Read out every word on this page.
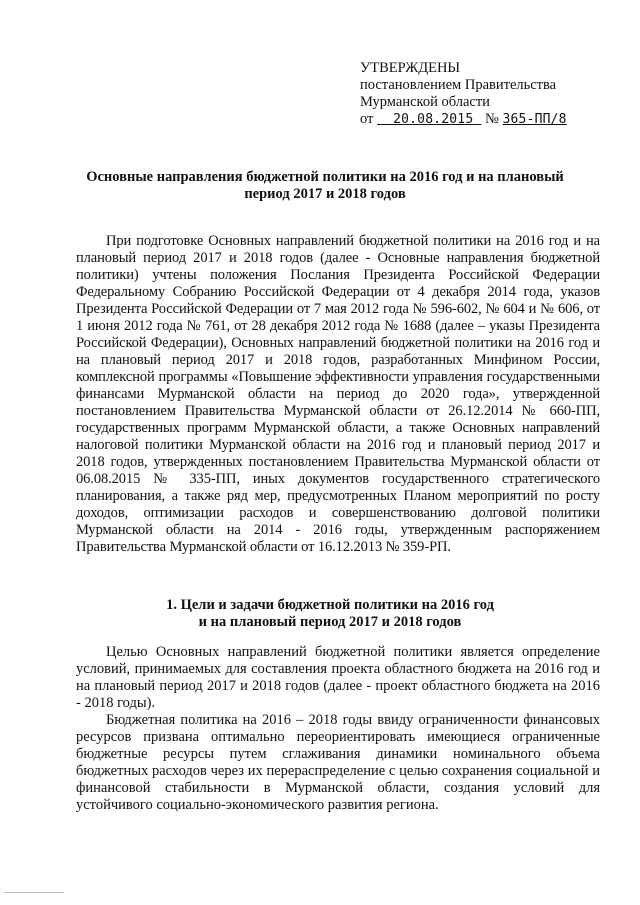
УТВЕРЖДЕНЫ
постановлением Правительства
Мурманской области
от 20.08.2015 № 365-ПП/8
Основные направления бюджетной политики на 2016 год и на плановый период 2017 и 2018 годов

При подготовке Основных направлений бюджетной политики на 2016 год и на плановый период 2017 и 2018 годов (далее - Основные направления бюджетной политики) учтены положения Послания Президента Российской Федерации Федеральному Собранию Российской Федерации от 4 декабря 2014 года, указов Президента Российской Федерации от 7 мая 2012 года № 596-602, № 604 и № 606, от 1 июня 2012 года № 761, от 28 декабря 2012 года № 1688 (далее – указы Президента Российской Федерации), Основных направлений бюджетной политики на 2016 год и на плановый период 2017 и 2018 годов, разработанных Минфином России, комплексной программы «Повышение эффективности управления государственными финансами Мурманской области на период до 2020 года», утвержденной постановлением Правительства Мурманской области от 26.12.2014 № 660-ПП, государственных программ Мурманской области, а также Основных направлений налоговой политики Мурманской области на 2016 год и плановый период 2017 и 2018 годов, утвержденных постановлением Правительства Мурманской области от 06.08.2015 № 335-ПП, иных документов государственного стратегического планирования, а также ряд мер, предусмотренных Планом мероприятий по росту доходов, оптимизации расходов и совершенствованию долговой политики Мурманской области на 2014 - 2016 годы, утвержденным распоряжением Правительства Мурманской области от 16.12.2013 № 359-РП.

1. Цели и задачи бюджетной политики на 2016 год
и на плановый период 2017 и 2018 годов

Целью Основных направлений бюджетной политики является определение условий, принимаемых для составления проекта областного бюджета на 2016 год и на плановый период 2017 и 2018 годов (далее - проект областного бюджета на 2016 - 2018 годы).

Бюджетная политика на 2016 – 2018 годы ввиду ограниченности финансовых ресурсов призвана оптимально переориентировать имеющиеся ограниченные бюджетные ресурсы путем сглаживания динамики номинального объема бюджетных расходов через их перераспределение с целью сохранения социальной и финансовой стабильности в Мурманской области, создания условий для устойчивого социально-экономического развития региона.
